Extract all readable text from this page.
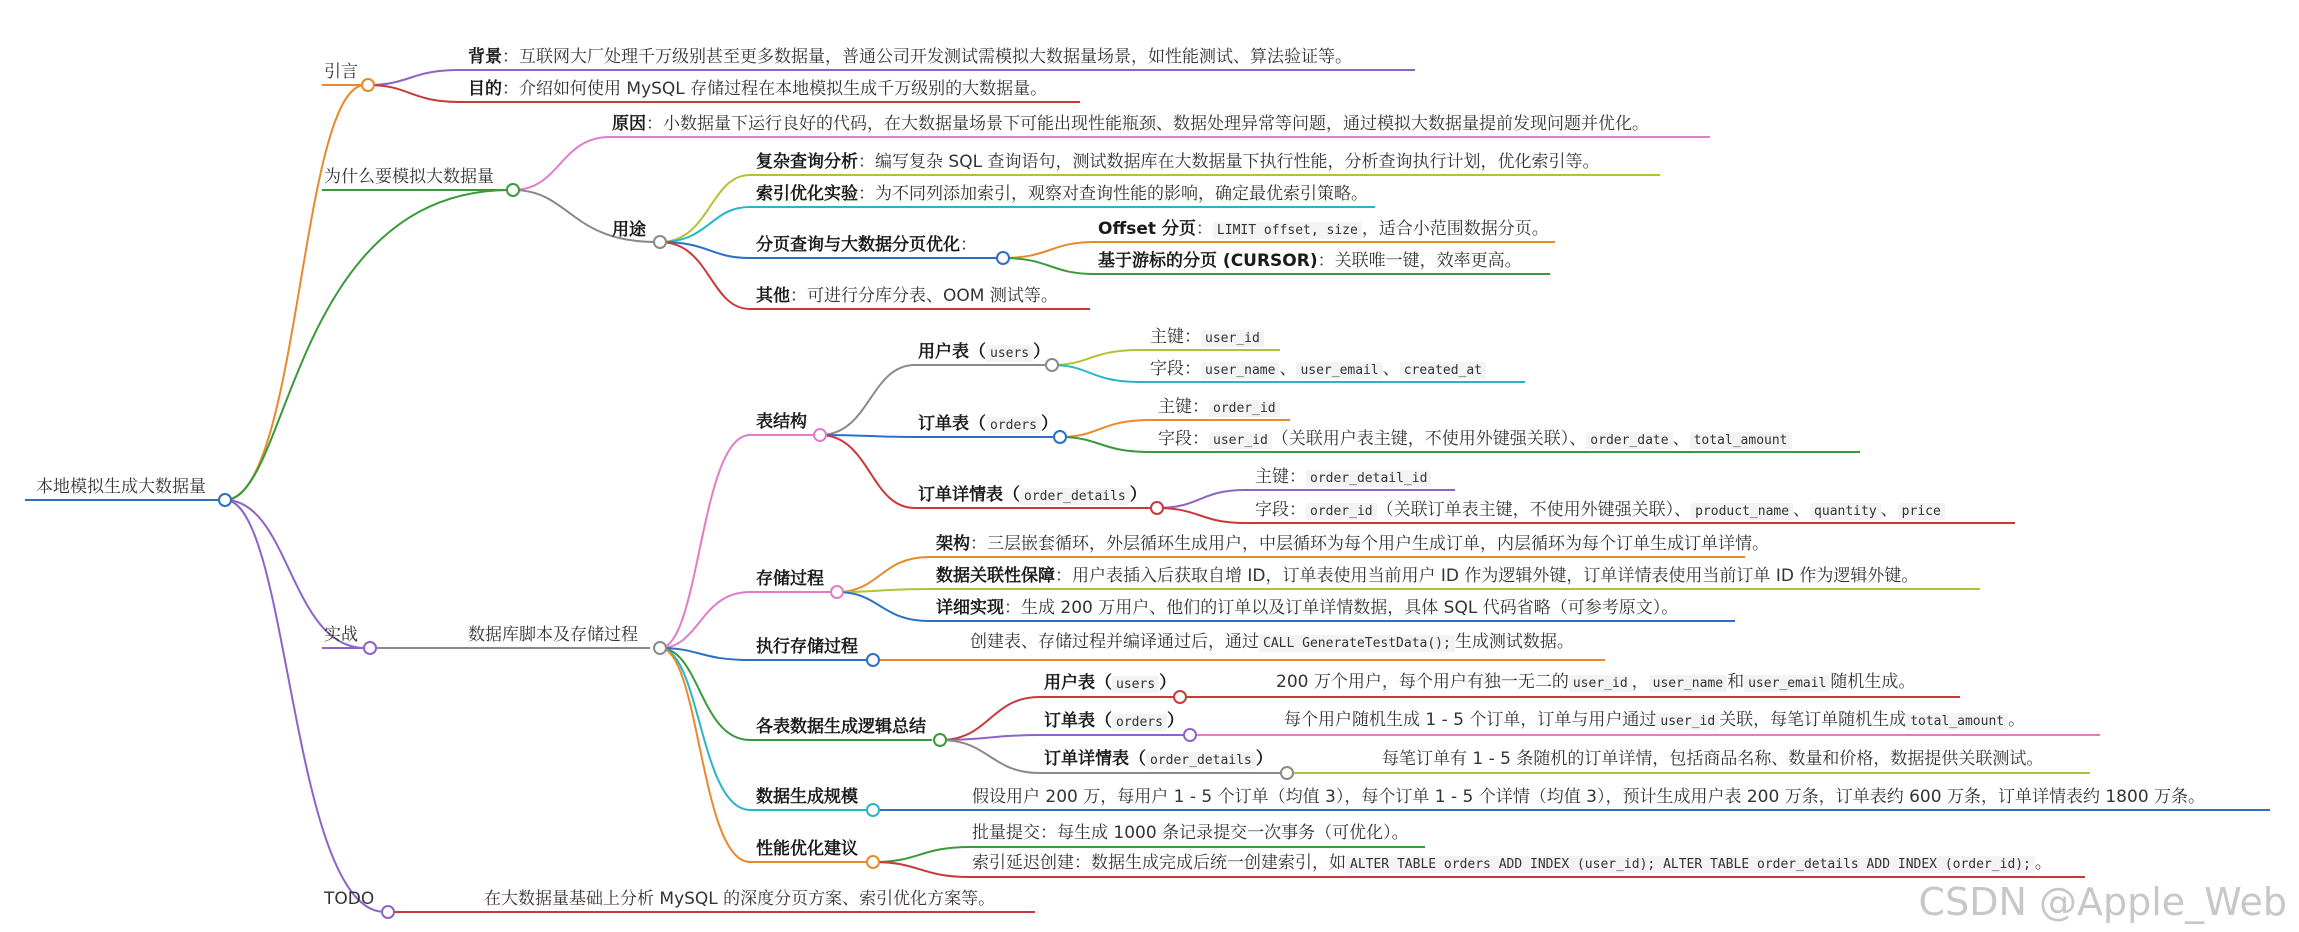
本地模拟生成大数据量
引言
背景：互联网大厂处理千万级别甚至更多数据量，普通公司开发测试需模拟大数据量场景，如性能测试、算法验证等。
目的：介绍如何使用 MySQL 存储过程在本地模拟生成千万级别的大数据量。
为什么要模拟大数据量
原因：小数据量下运行良好的代码，在大数据量场景下可能出现性能瓶颈、数据处理异常等问题，通过模拟大数据量提前发现问题并优化。
用途
复杂查询分析：编写复杂 SQL 查询语句，测试数据库在大数据量下执行性能，分析查询执行计划，优化索引等。
索引优化实验：为不同列添加索引，观察对查询性能的影响，确定最优索引策略。
分页查询与大数据分页优化：
Offset 分页： LIMIT offset, size ，适合小范围数据分页。
基于游标的分页 (CURSOR)：关联唯一键，效率更高。
其他：可进行分库分表、OOM 测试等。
实战	数据库脚本及存储过程
表结构
用户表（ users ）
主键： user_id
字段： user_name 、 user_email 、 created_at
订单表（ orders ）
主键： order_id
字段： user_id （关联用户表主键，不使用外键强关联）、 order_date 、 total_amount
订单详情表（ order_details ）
主键： order_detail_id
字段： order_id （关联订单表主键，不使用外键强关联）、 product_name 、 quantity 、 price
存储过程
架构：三层嵌套循环，外层循环生成用户，中层循环为每个用户生成订单，内层循环为每个订单生成订单详情。
数据关联性保障：用户表插入后获取自增 ID，订单表使用当前用户 ID 作为逻辑外键，订单详情表使用当前订单 ID 作为逻辑外键。
详细实现：生成 200 万用户、他们的订单以及订单详情数据，具体 SQL 代码省略（可参考原文）。
执行存储过程	创建表、存储过程并编译通过后，通过 CALL GenerateTestData(); 生成测试数据。
各表数据生成逻辑总结
用户表（ users ）	200 万个用户，每个用户有独一无二的 user_id ， user_name 和 user_email 随机生成。
订单表（ orders ）	每个用户随机生成 1 - 5 个订单，订单与用户通过 user_id 关联，每笔订单随机生成 total_amount 。
订单详情表（ order_details ）	每笔订单有 1 - 5 条随机的订单详情，包括商品名称、数量和价格，数据提供关联测试。
数据生成规模	假设用户 200 万，每用户 1 - 5 个订单（均值 3），每个订单 1 - 5 个详情（均值 3），预计生成用户表 200 万条，订单表约 600 万条，订单详情表约 1800 万条。
性能优化建议
批量提交：每生成 1000 条记录提交一次事务（可优化）。
索引延迟创建：数据生成完成后统一创建索引，如 ALTER TABLE orders ADD INDEX (user_id); ALTER TABLE order_details ADD INDEX (order_id); 。
TODO	在大数据量基础上分析 MySQL 的深度分页方案、索引优化方案等。	CSDN @Apple_Web
